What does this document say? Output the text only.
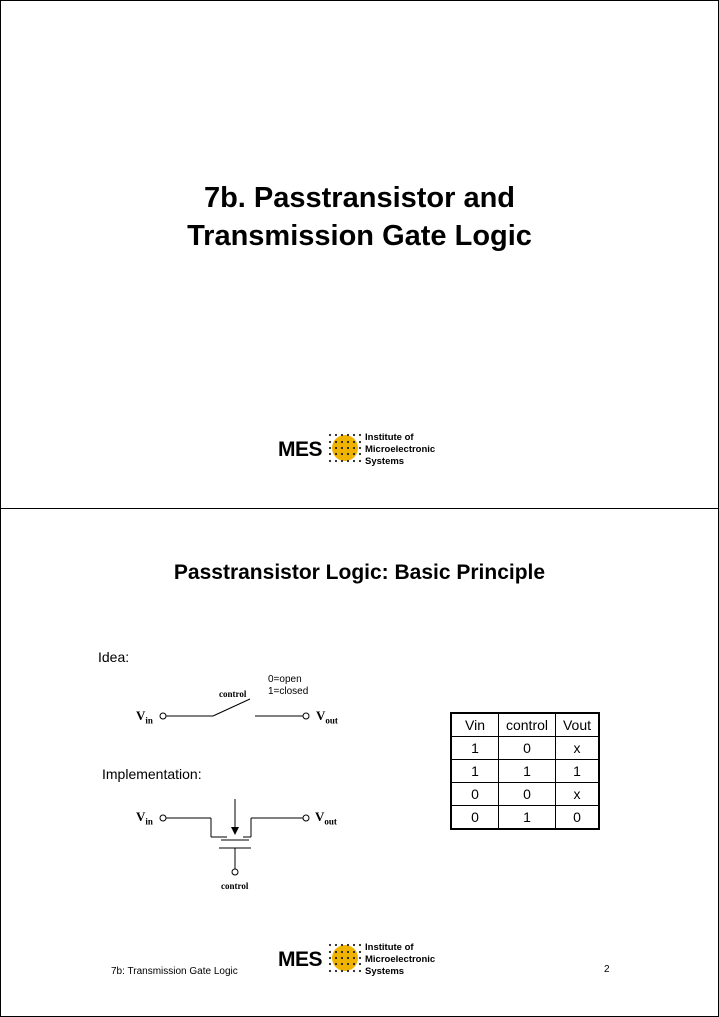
7b. Passtransistor and
Transmission Gate Logic
MES
Institute of
Microelectronic
Systems
Passtransistor Logic: Basic Principle
Idea:
0=open
1=closed
control
$V_{in}$	$V_{out}$
Implementation:
$V_{in}$	$V_{out}$
control
Vin	control	Vout
1	0	x
1	1	1
0	0	x
0	1	0
7b: Transmission Gate Logic	2
MES
Institute of
Microelectronic
Systems
